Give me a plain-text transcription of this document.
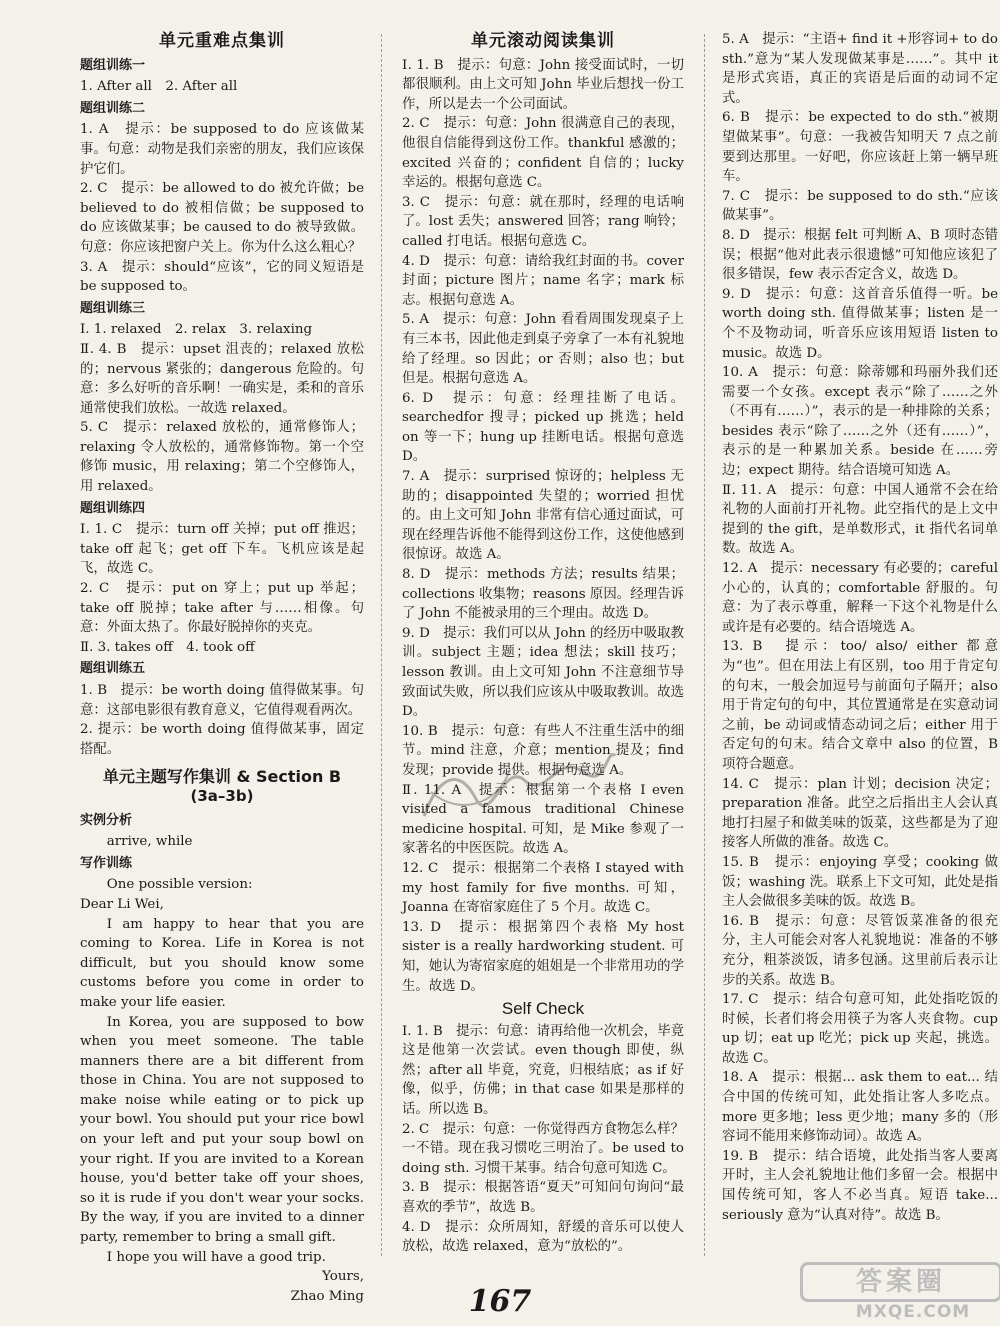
单元重难点集训
题组训练一
1. After all　2. After all
题组训练二
1. A　提示：be supposed to do 应该做某事。句意：动物是我们亲密的朋友，我们应该保护它们。
2. C　提示：be allowed to do 被允许做；be believed to do 被相信做；be supposed to do 应该做某事；be caused to do 被导致做。句意：你应该把窗户关上。你为什么这么粗心？
3. A　提示：should“应该”，它的同义短语是 be supposed to。
题组训练三
Ⅰ. 1. relaxed　2. relax　3. relaxing
Ⅱ. 4. B　提示：upset 沮丧的；relaxed 放松的；nervous 紧张的；dangerous 危险的。句意：多么好听的音乐啊！一确实是，柔和的音乐通常使我们放松。一故选 relaxed。
5. C　提示：relaxed 放松的，通常修饰人；relaxing 令人放松的，通常修饰物。第一个空修饰 music，用 relaxing；第二个空修饰人，用 relaxed。
题组训练四
Ⅰ. 1. C　提示：turn off 关掉；put off 推迟；take off 起飞；get off 下车。飞机应该是起飞，故选 C。
2. C　提示：put on 穿上；put up 举起；take off 脱掉；take after 与……相像。句意：外面太热了。你最好脱掉你的夹克。
Ⅱ. 3. takes off　4. took off
题组训练五
1. B　提示：be worth doing 值得做某事。句意：这部电影很有教育意义，它值得观看两次。
2. 提示：be worth doing 值得做某事，固定搭配。
单元主题写作集训 & Section B
(3a–3b)
实例分析
　　arrive, while
写作训练
　　One possible version:
Dear Li Wei,
I am happy to hear that you are coming to Korea. Life in Korea is not difficult, but you should know some customs before you come in order to make your life easier.
In Korea, you are supposed to bow when you meet someone. The table manners there are a bit different from those in China. You are not supposed to make noise while eating or to pick up your bowl. You should put your rice bowl on your left and put your soup bowl on your right. If you are invited to a Korean house, you'd better take off your shoes, so it is rude if you don't wear your socks. By the way, if you are invited to a dinner party, remember to bring a small gift.
I hope you will have a good trip.
Yours,
Zhao Ming
单元滚动阅读集训
Ⅰ. 1. B　提示：句意：John 接受面试时，一切都很顺利。由上文可知 John 毕业后想找一份工作，所以是去一个公司面试。
2. C　提示：句意：John 很满意自己的表现，他很自信能得到这份工作。thankful 感激的；excited 兴奋的；confident 自信的；lucky 幸运的。根据句意选 C。
3. C　提示：句意：就在那时，经理的电话响了。lost 丢失；answered 回答；rang 响铃；called 打电话。根据句意选 C。
4. D　提示：句意：请给我红封面的书。cover 封面；picture 图片；name 名字；mark 标志。根据句意选 A。
5. A　提示：句意：John 看看周围发现桌子上有三本书，因此他走到桌子旁拿了一本有礼貌地给了经理。so 因此；or 否则；also 也；but 但是。根据句意选 A。
6. D　提示：句意：经理挂断了电话。searchedfor 搜寻；picked up 挑选；held on 等一下；hung up 挂断电话。根据句意选 D。
7. A　提示：surprised 惊讶的；helpless 无助的；disappointed 失望的；worried 担忧的。由上文可知 John 非常有信心通过面试，可现在经理告诉他不能得到这份工作，这使他感到很惊讶。故选 A。
8. D　提示：methods 方法；results 结果；collections 收集物；reasons 原因。经理告诉了 John 不能被录用的三个理由。故选 D。
9. D　提示：我们可以从 John 的经历中吸取教训。subject 主题；idea 想法；skill 技巧；lesson 教训。由上文可知 John 不注意细节导致面试失败，所以我们应该从中吸取教训。故选 D。
10. B　提示：句意：有些人不注重生活中的细节。mind 注意，介意；mention 提及；find 发现；provide 提供。根据句意选 A。
Ⅱ. 11. A　提示：根据第一个表格 I even visited a famous traditional Chinese medicine hospital. 可知，是 Mike 参观了一家著名的中医医院。故选 A。
12. C　提示：根据第二个表格 I stayed with my host family for five months. 可知，Joanna 在寄宿家庭住了 5 个月。故选 C。
13. D　提示：根据第四个表格 My host sister is a really hardworking student. 可知，她认为寄宿家庭的姐姐是一个非常用功的学生。故选 D。
Self Check
Ⅰ. 1. B　提示：句意：请再给他一次机会，毕竟这是他第一次尝试。even though 即使，纵然；after all 毕竟，究竟，归根结底；as if 好像，似乎，仿佛；in that case 如果是那样的话。所以选 B。
2. C　提示：句意：一你觉得西方食物怎么样？一不错。现在我习惯吃三明治了。be used to doing sth. 习惯干某事。结合句意可知选 C。
3. B　提示：根据答语“夏天”可知问句询问“最喜欢的季节”，故选 B。
4. D　提示：众所周知，舒缓的音乐可以使人放松，故选 relaxed，意为“放松的”。
5. A　提示：“主语+ find it +形容词+ to do sth.”意为“某人发现做某事是……”。其中 it 是形式宾语，真正的宾语是后面的动词不定式。
6. B　提示：be expected to do sth.“被期望做某事”。句意：一我被告知明天 7 点之前要到达那里。一好吧，你应该赶上第一辆早班车。
7. C　提示：be supposed to do sth.“应该做某事”。
8. D　提示：根据 felt 可判断 A、B 项时态错误；根据“他对此表示很遗憾”可知他应该犯了很多错误，few 表示否定含义，故选 D。
9. D　提示：句意：这首音乐值得一听。be worth doing sth. 值得做某事；listen 是一个不及物动词，听音乐应该用短语 listen to music。故选 D。
10. A　提示：句意：除蒂娜和玛丽外我们还需要一个女孩。except 表示“除了……之外（不再有……）”，表示的是一种排除的关系；besides 表示“除了……之外（还有……）”，表示的是一种累加关系。beside 在……旁边；expect 期待。结合语境可知选 A。
Ⅱ. 11. A　提示：句意：中国人通常不会在给礼物的人面前打开礼物。此空指代的是上文中提到的 the gift，是单数形式，it 指代名词单数。故选 A。
12. A　提示：necessary 有必要的；careful 小心的，认真的；comfortable 舒服的。句意：为了表示尊重，解释一下这个礼物是什么或许是有必要的。结合语境选 A。
13. B　提示：too/ also/ either 都意为“也”。但在用法上有区别，too 用于肯定句的句末，一般会加逗号与前面句子隔开；also 用于肯定句的句中，其位置通常是在实意动词之前，be 动词或情态动词之后；either 用于否定句的句末。结合文章中 also 的位置，B 项符合题意。
14. C　提示：plan 计划；decision 决定；preparation 准备。此空之后指出主人会认真地打扫屋子和做美味的饭菜，这些都是为了迎接客人所做的准备。故选 C。
15. B　提示：enjoying 享受；cooking 做饭；washing 洗。联系上下文可知，此处是指主人会做很多美味的饭。故选 B。
16. B　提示：句意：尽管饭菜准备的很充分，主人可能会对客人礼貌地说：准备的不够充分，粗茶淡饭，请多包涵。这里前后表示让步的关系。故选 B。
17. C　提示：结合句意可知，此处指吃饭的时候，长者们将会用筷子为客人夹食物。cup up 切；eat up 吃光；pick up 夹起，挑选。故选 C。
18. A　提示：根据... ask them to eat... 结合中国的传统可知，此处指让客人多吃点。more 更多地；less 更少地；many 多的（形容词不能用来修饰动词）。故选 A。
19. B　提示：结合语境，此处指当客人要离开时，主人会礼貌地让他们多留一会。根据中国传统可知，客人不必当真。短语 take... seriously 意为“认真对待”。故选 B。
167
答案圈
MXQE.COM
